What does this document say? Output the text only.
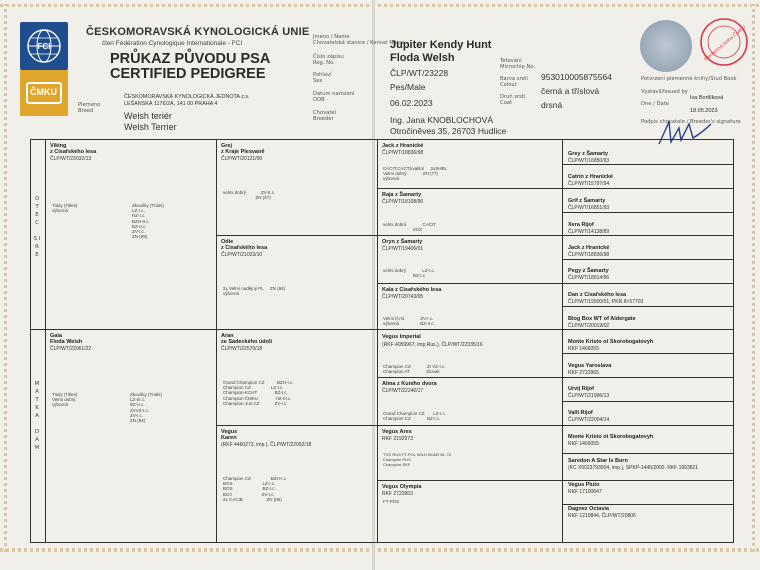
FCI
ČMKU
ČESKOMORAVSKÁ KYNOLOGICKÁ UNIE
člen Fédération Cynologique Internationale - FCI
PRŮKAZ PŮVODU PSA
CERTIFIED PEDIGREE
ČESKOMORAVSKÁ KYNOLOGICKÁ JEDNOTA z.s.
LEŠANSKÁ 1176/2A, 141 00 PRAHA 4
Plemeno
Breed	Welsh teriér
Welsh Terrier
Jméno / Name
Chovatelská stanice / Kennel Name
Jupiter Kendy Hunt
Floda Welsh
Číslo zápisu
Reg. No.
ČLP/WT/23228
Pohlaví
Sex
Pes/Male
Datum narození
DOB	06.02.2023
Chovatel
Breeder	Ing. Jana KNOBLOCHOVÁ
Otročiněves 35, 26703 Hudlice
Tetování
Microchip No.
953010005875564
Barva srsti
Colour
černá a tříslová
Druh srsti
Coat	drsná
Plemenná kniha ČMKU
Potvrzení plemenné knihy/Stud Book
Vystavil/Issued by
Dne / Date
Iva Bortlíková
18.05.2023
Podpis chovatele / Breeder's signature
O T E C

S I R E
M A T K A

D A M
Viking
z Císařského lesa
ČLP/WT/22032/13
Tituly (Titles)
výborná
Zkoušky (Trials)
LZ-I.c.
HZ-I.c.
BZH-II.c.
BZ-II.c.
ZV-I.c.
ZN (89)
Gaia
Floda Welsh
ČLP/WT/22061/22
Tituly (Titles)
Velmi dobrý
výborná
Zkoušky (Trials)
LZ-III.c.
BZ-II.c.
ZVVZ-I.c.
ZV-I.c.
ZN (84)
Grej
z Kraje Plesvaně
ČLP/WT/20121/06
velmi dobrý            ZV-II.c.
ZN (57)
Odie
z Císařského lesa
ČLP/WT/21023/10
2x Velmi nadějný PL     ZN (84)
výborná
Aran
ze Sádeckého údolí
ČLP/WT/22570/18
Grand Champion CZ          BZH-I.c.
Champion CZ                LZ-I.c.
Champion-KCHT              BZ-I.c.
Champion ČMKU              HZ-III.c.
Champion-Jun.CZ            ZV-I.c.
Vegus
Karen
(RKF 4460273, imp.), ČLP/WT/22092/18
Champion CZ                BZH-I.c.
BOS                        LZ-I.c.
BOS                        BZ-I.c.
BOJ                        ZV-I.c.
2x CACIB                   ZN (86)
Jack z Hranické
ČLP/WT/18836/98
CACIT,CACT,kvalitní     2xSHBL
Velmi dobrý             ZN (77)
výborná
Raja z Šamarty
ČLP/WT/18108/90
velmi dobrá             CACIT
ZOZ
Oryn z Šamarty
ČLP/WT/19406/01
velmi dobrý             LZ-I.c.
BZ-I.c.
Kala z Císařského lesa
ČLP/WT/20743/05
Velmi tř.ml.            ZV-I.c.
výborná                 BZ-II.c.
Vegus Imperial
(RKF 4059967, imp.Rus.), ČLP/WT/22335/16
Champion CZ             ZI VZ-I.c.
Champion AT             Slovak
Alma z Kuního dvora
ČLP/WT/22240/17
Grand Champion CZ       LZ-I.c.
Champion CZ             BZ-I.c.
Vegus Ares
RKF 2192973
TGS RUS FT-POL WILD BOAR BL.78
Champion RUS
Champion RKF
Vegus Olympia
RKF 2723963
FT-POS
Grey z Šamarty
ČLP/WT/16850/93
Catrin z Hranické
ČLP/WT/15797/94
Grif z Šamarty
ČLP/WT/16851/93
Xera Rijof
ČLP/WT/14138/89
Jack z Hranické
ČLP/WT/18836/98
Pegy z Šamarty
ČLP/WT/18014/96
Dan z Císařského lesa
ČLP/WT/19500/01, PKR.III-57703
Blog Box WT of Aldergate
ČLP/WT/20019/02
Monte Kristo ot Skorobogatovyh
RKF 1466055
Vegus Yaroslava
RKF 2723965
Urvij Rijof
ČLP/WT/21996/13
Valli Rijof
ČLP/WT/22004/14
Monte Kristo ot Skorobogatovyh
RKF 1466055
Saredon A Star Is Born
(KC X5023793004, imp.), SPKP-1445/2000, RKF 1993821
Vegus Pluto
RKF 17100847
Dagnez Octavia
RKF 1210844, ČLP/WT/20806
